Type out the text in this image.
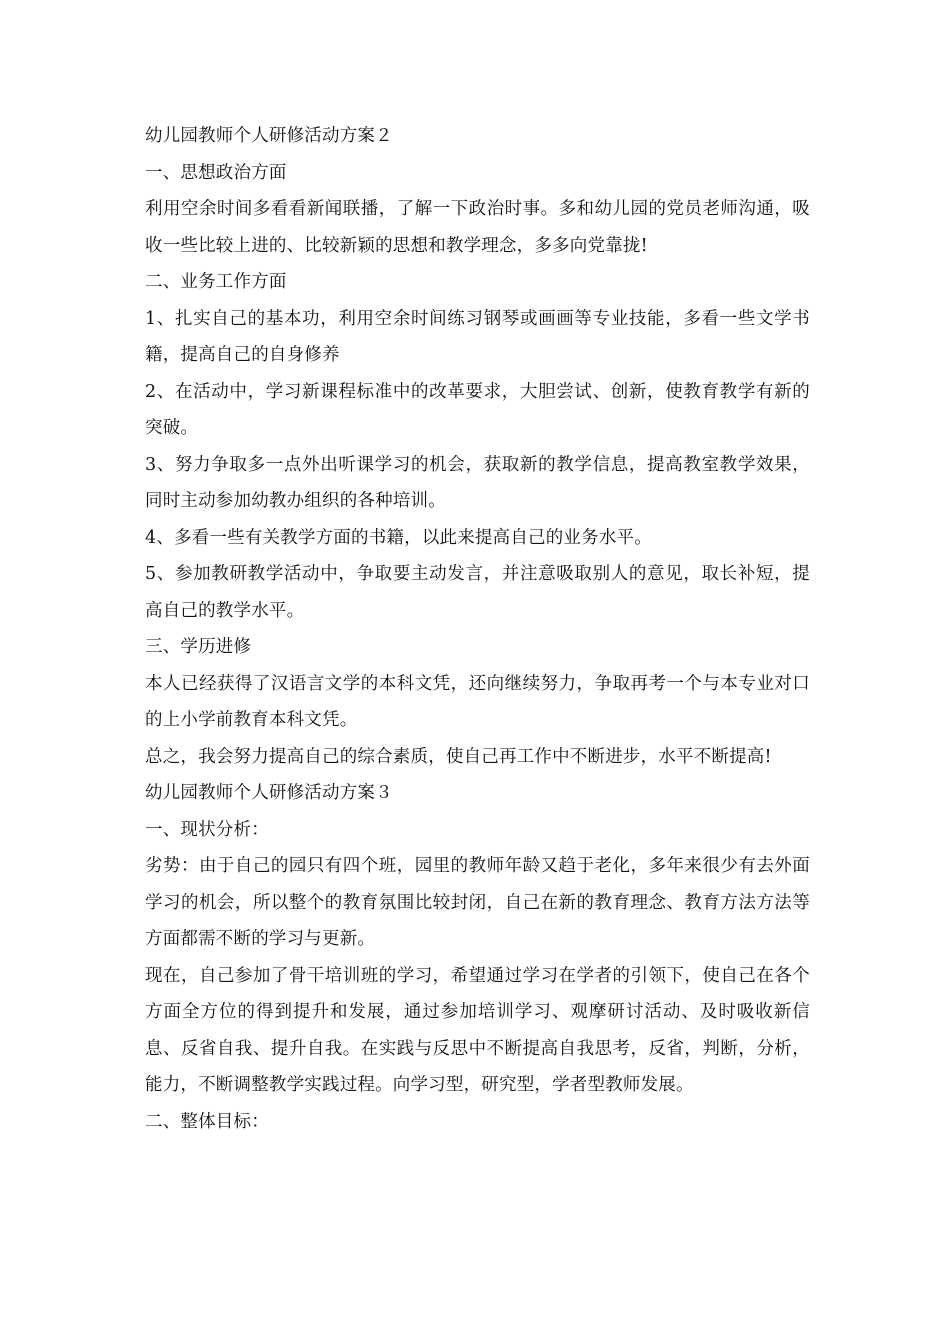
幼儿园教师个人研修活动方案２
一、思想政治方面
利用空余时间多看看新闻联播，了解一下政治时事。多和幼儿园的党员老师沟通，吸收一些比较上进的、比较新颖的思想和教学理念，多多向党靠拢!
二、业务工作方面
1、扎实自己的基本功，利用空余时间练习钢琴或画画等专业技能，多看一些文学书籍，提高自己的自身修养
2、在活动中，学习新课程标准中的改革要求，大胆尝试、创新，使教育教学有新的突破。
3、努力争取多一点外出听课学习的机会，获取新的教学信息，提高教室教学效果，同时主动参加幼教办组织的各种培训。
4、多看一些有关教学方面的书籍，以此来提高自己的业务水平。
5、参加教研教学活动中，争取要主动发言，并注意吸取别人的意见，取长补短，提高自己的教学水平。
三、学历进修
本人已经获得了汉语言文学的本科文凭，还向继续努力，争取再考一个与本专业对口的上小学前教育本科文凭。
总之，我会努力提高自己的综合素质，使自己再工作中不断进步，水平不断提高!
幼儿园教师个人研修活动方案３
一、现状分析：
劣势：由于自己的园只有四个班，园里的教师年龄又趋于老化，多年来很少有去外面学习的机会，所以整个的教育氛围比较封闭，自己在新的教育理念、教育方法方法等方面都需不断的学习与更新。
现在，自己参加了骨干培训班的学习，希望通过学习在学者的引领下，使自己在各个方面全方位的得到提升和发展，通过参加培训学习、观摩研讨活动、及时吸收新信息、反省自我、提升自我。在实践与反思中不断提高自我思考，反省，判断，分析，能力，不断调整教学实践过程。向学习型，研究型，学者型教师发展。
二、整体目标：
